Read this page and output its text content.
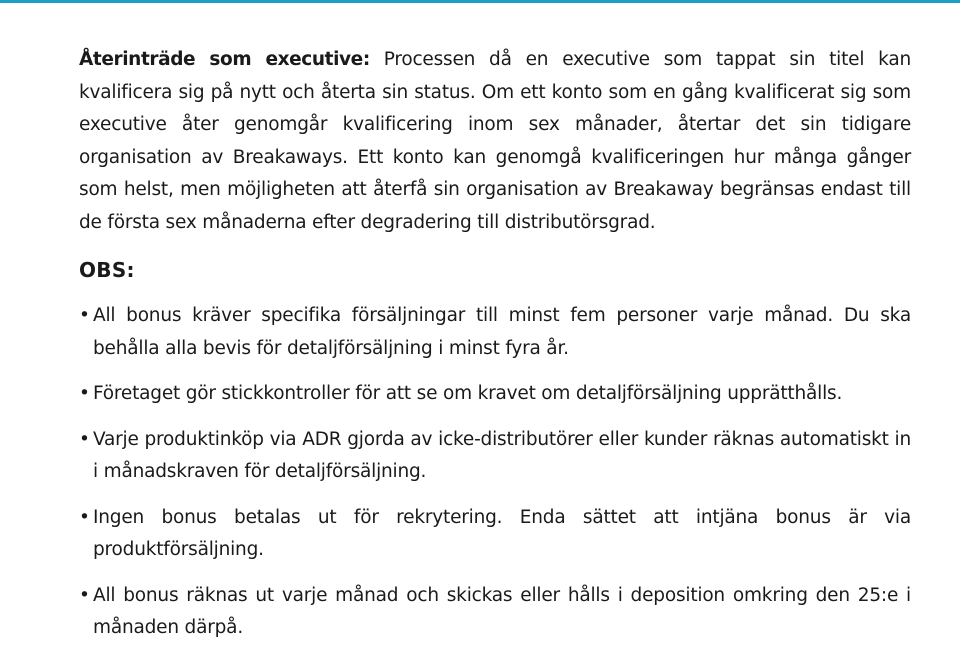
Återinträde som executive: Processen då en executive som tappat sin titel kan kvalificera sig på nytt och återta sin status. Om ett konto som en gång kvalificerat sig som executive åter genomgår kvalificering inom sex månader, återtar det sin tidigare organisation av Breakaways. Ett konto kan genomgå kvalificeringen hur många gånger som helst, men möjligheten att återfå sin organisation av Breakaway begränsas endast till de första sex månaderna efter degradering till distributörsgrad.

OBS:
• All bonus kräver specifika försäljningar till minst fem personer varje månad. Du ska behålla alla bevis för detaljförsäljning i minst fyra år.
• Företaget gör stickkontroller för att se om kravet om detaljförsäljning upprätthålls.
• Varje produktinköp via ADR gjorda av icke-distributörer eller kunder räknas automatiskt in i månadskraven för detaljförsäljning.
• Ingen bonus betalas ut för rekrytering. Enda sättet att intjäna bonus är via produktförsäljning.
• All bonus räknas ut varje månad och skickas eller hålls i deposition omkring den 25:e i månaden därpå.
